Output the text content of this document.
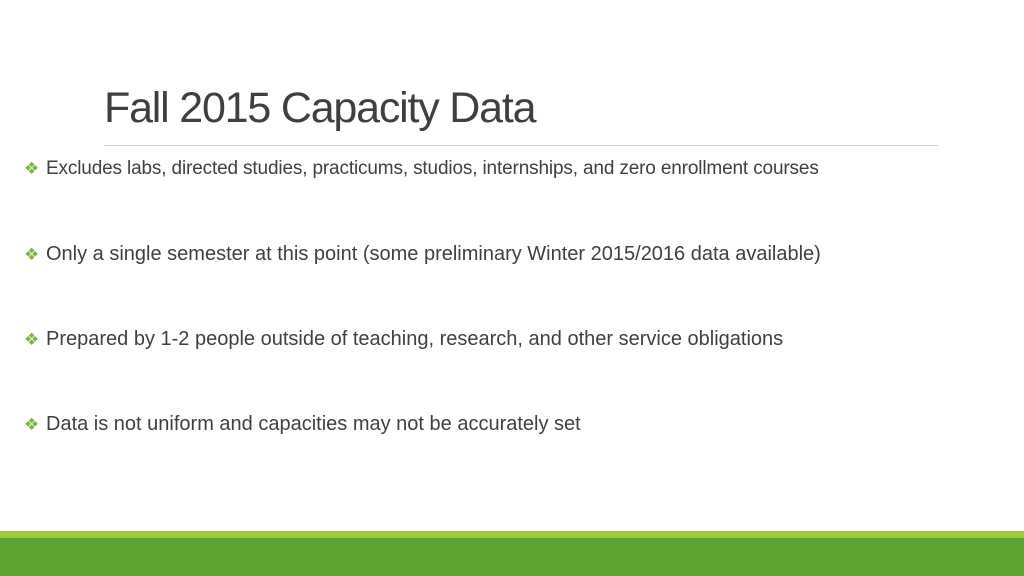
Fall 2015 Capacity Data
❖ Excludes labs, directed studies, practicums, studios, internships, and zero enrollment courses
❖ Only a single semester at this point (some preliminary Winter 2015/2016 data available)
❖ Prepared by 1-2 people outside of teaching, research, and other service obligations
❖ Data is not uniform and capacities may not be accurately set
